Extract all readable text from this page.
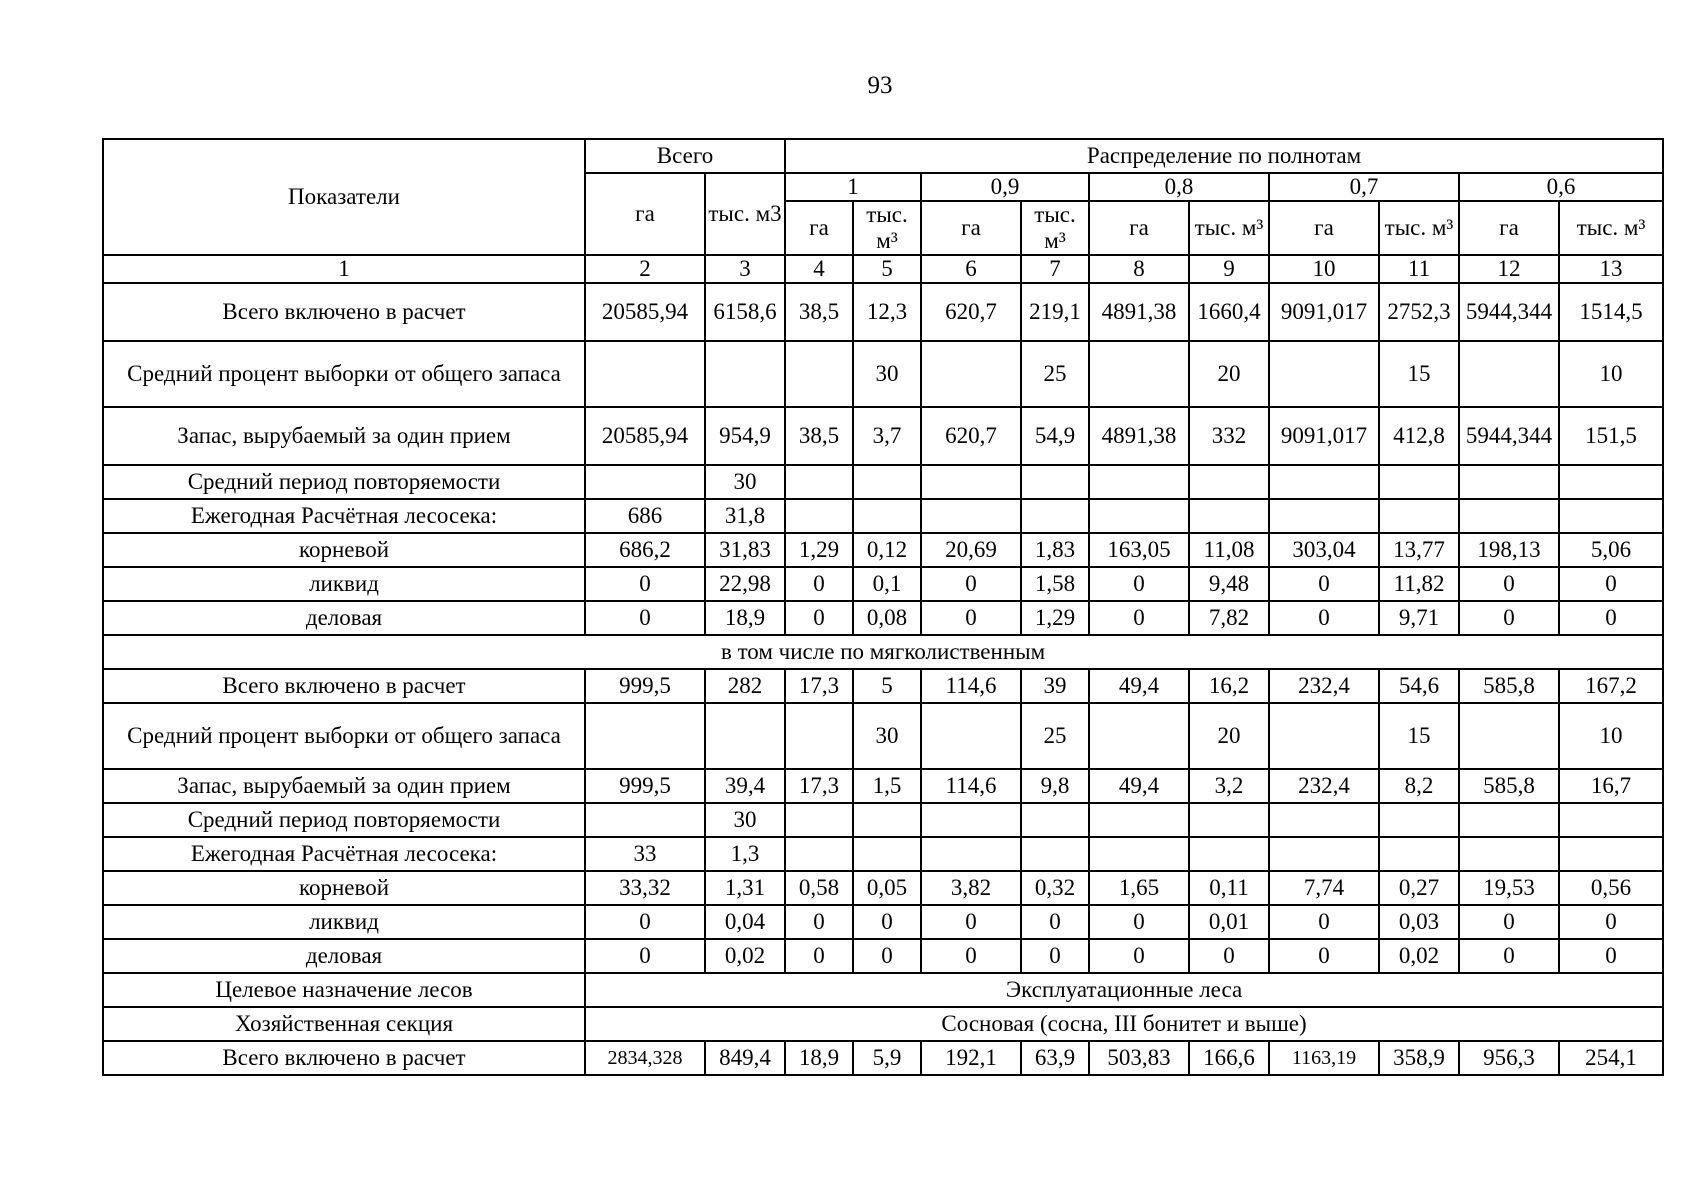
93
Показатели	Всего		Распределение по полнотам									
	га	тыс. м3	1		0,9		0,8		0,7		0,6	
			га	тыс. м³	га	тыс. м³	га	тыс. м³	га	тыс. м³	га	тыс. м³
1	2	3	4	5	6	7	8	9	10	11	12	13
Всего включено в расчет	20585,94	6158,6	38,5	12,3	620,7	219,1	4891,38	1660,4	9091,017	2752,3	5944,344	1514,5
Средний процент выборки от общего запаса				30		25		20		15		10
Запас, вырубаемый за один прием	20585,94	954,9	38,5	3,7	620,7	54,9	4891,38	332	9091,017	412,8	5944,344	151,5
Средний период повторяемости		30										
Ежегодная Расчётная лесосека:	686	31,8										
корневой	686,2	31,83	1,29	0,12	20,69	1,83	163,05	11,08	303,04	13,77	198,13	5,06
ликвид	0	22,98	0	0,1	0	1,58	0	9,48	0	11,82	0	0
деловая	0	18,9	0	0,08	0	1,29	0	7,82	0	9,71	0	0
в том числе по мягколиственным												
Всего включено в расчет	999,5	282	17,3	5	114,6	39	49,4	16,2	232,4	54,6	585,8	167,2
Средний процент выборки от общего запаса				30		25		20		15		10
Запас, вырубаемый за один прием	999,5	39,4	17,3	1,5	114,6	9,8	49,4	3,2	232,4	8,2	585,8	16,7
Средний период повторяемости		30										
Ежегодная Расчётная лесосека:	33	1,3										
корневой	33,32	1,31	0,58	0,05	3,82	0,32	1,65	0,11	7,74	0,27	19,53	0,56
ликвид	0	0,04	0	0	0	0	0	0,01	0	0,03	0	0
деловая	0	0,02	0	0	0	0	0	0	0	0,02	0	0
Целевое назначение лесов	Эксплуатационные леса											
Хозяйственная секция	Сосновая (сосна, III бонитет и выше)											
Всего включено в расчет	2834,328	849,4	18,9	5,9	192,1	63,9	503,83	166,6	1163,19	358,9	956,3	254,1
